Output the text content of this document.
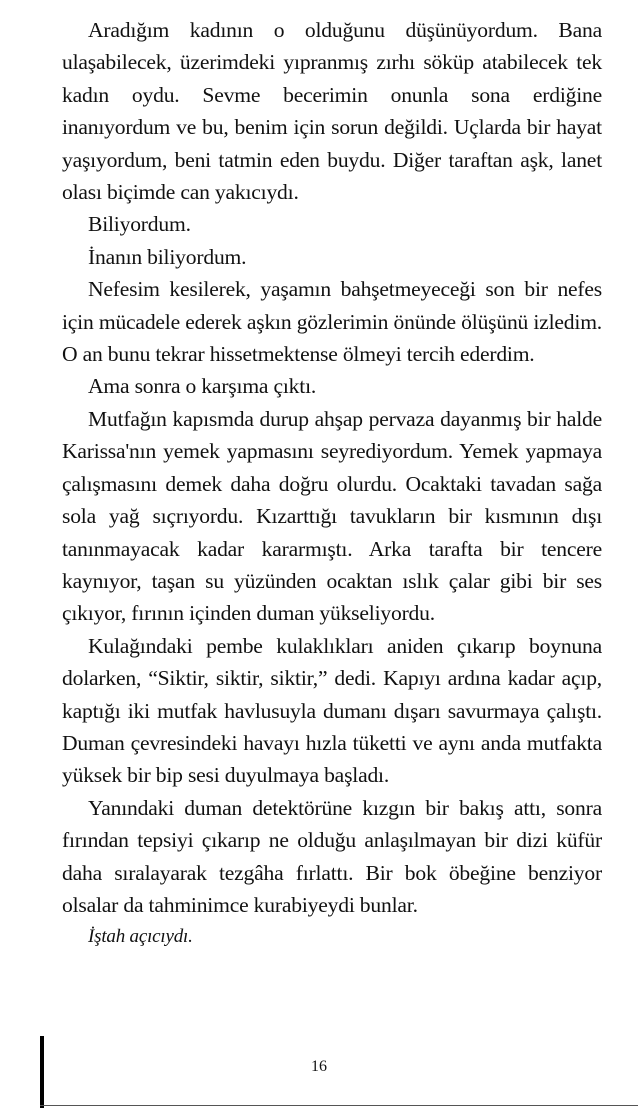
Aradığım kadının o olduğunu düşünüyordum. Bana ulaşabilecek, üzerimdeki yıpranmış zırhı söküp atabilecek tek kadın oydu. Sevme becerimin onunla sona erdiğine inanıyordum ve bu, benim için sorun değildi. Uçlarda bir hayat yaşıyordum, beni tatmin eden buydu. Diğer taraftan aşk, lanet olası biçimde can yakıcıydı.

Biliyordum.

İnanın biliyordum.

Nefesim kesilerek, yaşamın bahşetmeyeceği son bir nefes için mücadele ederek aşkın gözlerimin önünde ölüşünü izledim. O an bunu tekrar hissetmektense ölmeyi tercih ederdim.

Ama sonra o karşıma çıktı.

Mutfağın kapısmda durup ahşap pervaza dayanmış bir halde Karissa'nın yemek yapmasını seyrediyordum. Yemek yapmaya çalışmasını demek daha doğru olurdu. Ocaktaki tavadan sağa sola yağ sıçrıyordu. Kızarttığı tavukların bir kısmının dışı tanınmayacak kadar kararmıştı. Arka tarafta bir tencere kaynıyor, taşan su yüzünden ocaktan ıslık çalar gibi bir ses çıkıyor, fırının içinden duman yükseliyordu.

Kulağındaki pembe kulaklıkları aniden çıkarıp boynuna dolarken, “Siktir, siktir, siktir,” dedi. Kapıyı ardına kadar açıp, kaptığı iki mutfak havlusuyla dumanı dışarı savurmaya çalıştı. Duman çevresindeki havayı hızla tüketti ve aynı anda mutfakta yüksek bir bip sesi duyulmaya başladı.

Yanındaki duman detektörüne kızgın bir bakış attı, sonra fırından tepsiyi çıkarıp ne olduğu anlaşılmayan bir dizi küfür daha sıralayarak tezgâha fırlattı. Bir bok öbeğine benziyor olsalar da tahminimce kurabiyeydi bunlar.

İştah açıcıydı.

16
